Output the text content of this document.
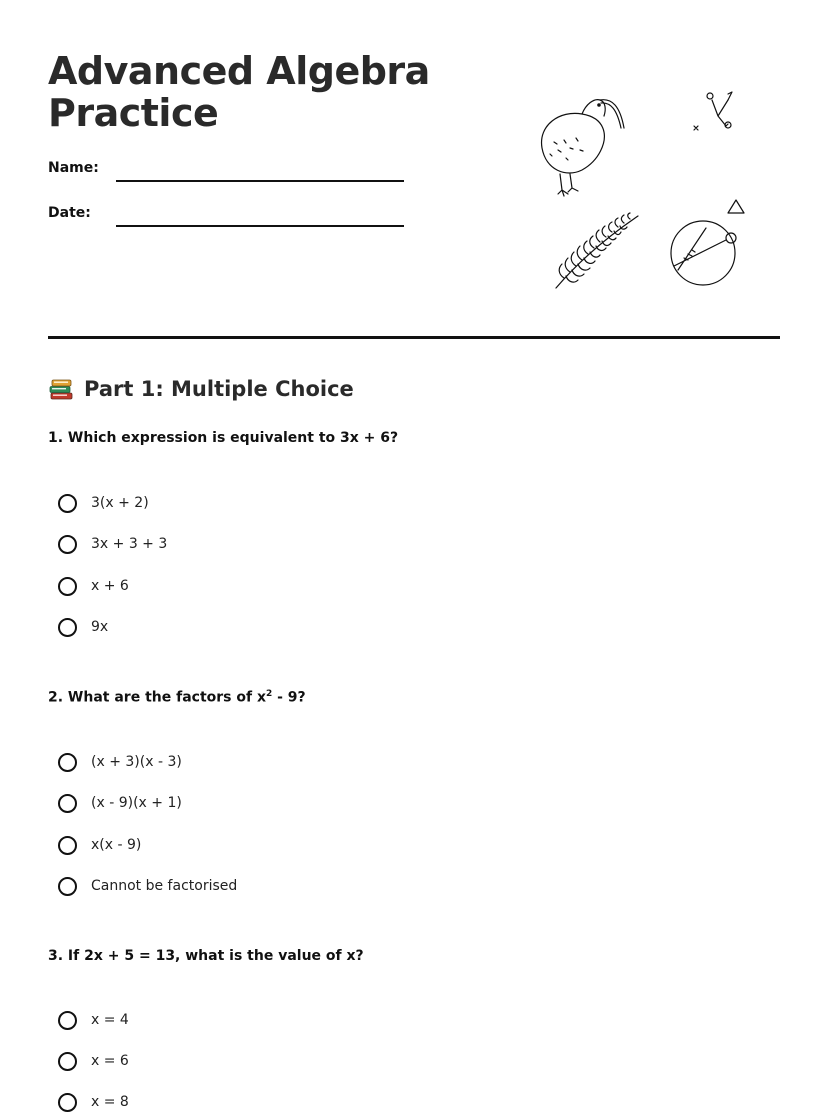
Advanced Algebra
Practice
Name:
Date:
Part 1: Multiple Choice
1. Which expression is equivalent to 3x + 6?
3(x + 2)
3x + 3 + 3
x + 6
9x
2. What are the factors of $x^2 - 9$?
(x + 3)(x - 3)
(x - 9)(x + 1)
x(x - 9)
Cannot be factorised
3. If 2x + 5 = 13, what is the value of x?
x = 4
x = 6
x = 8
